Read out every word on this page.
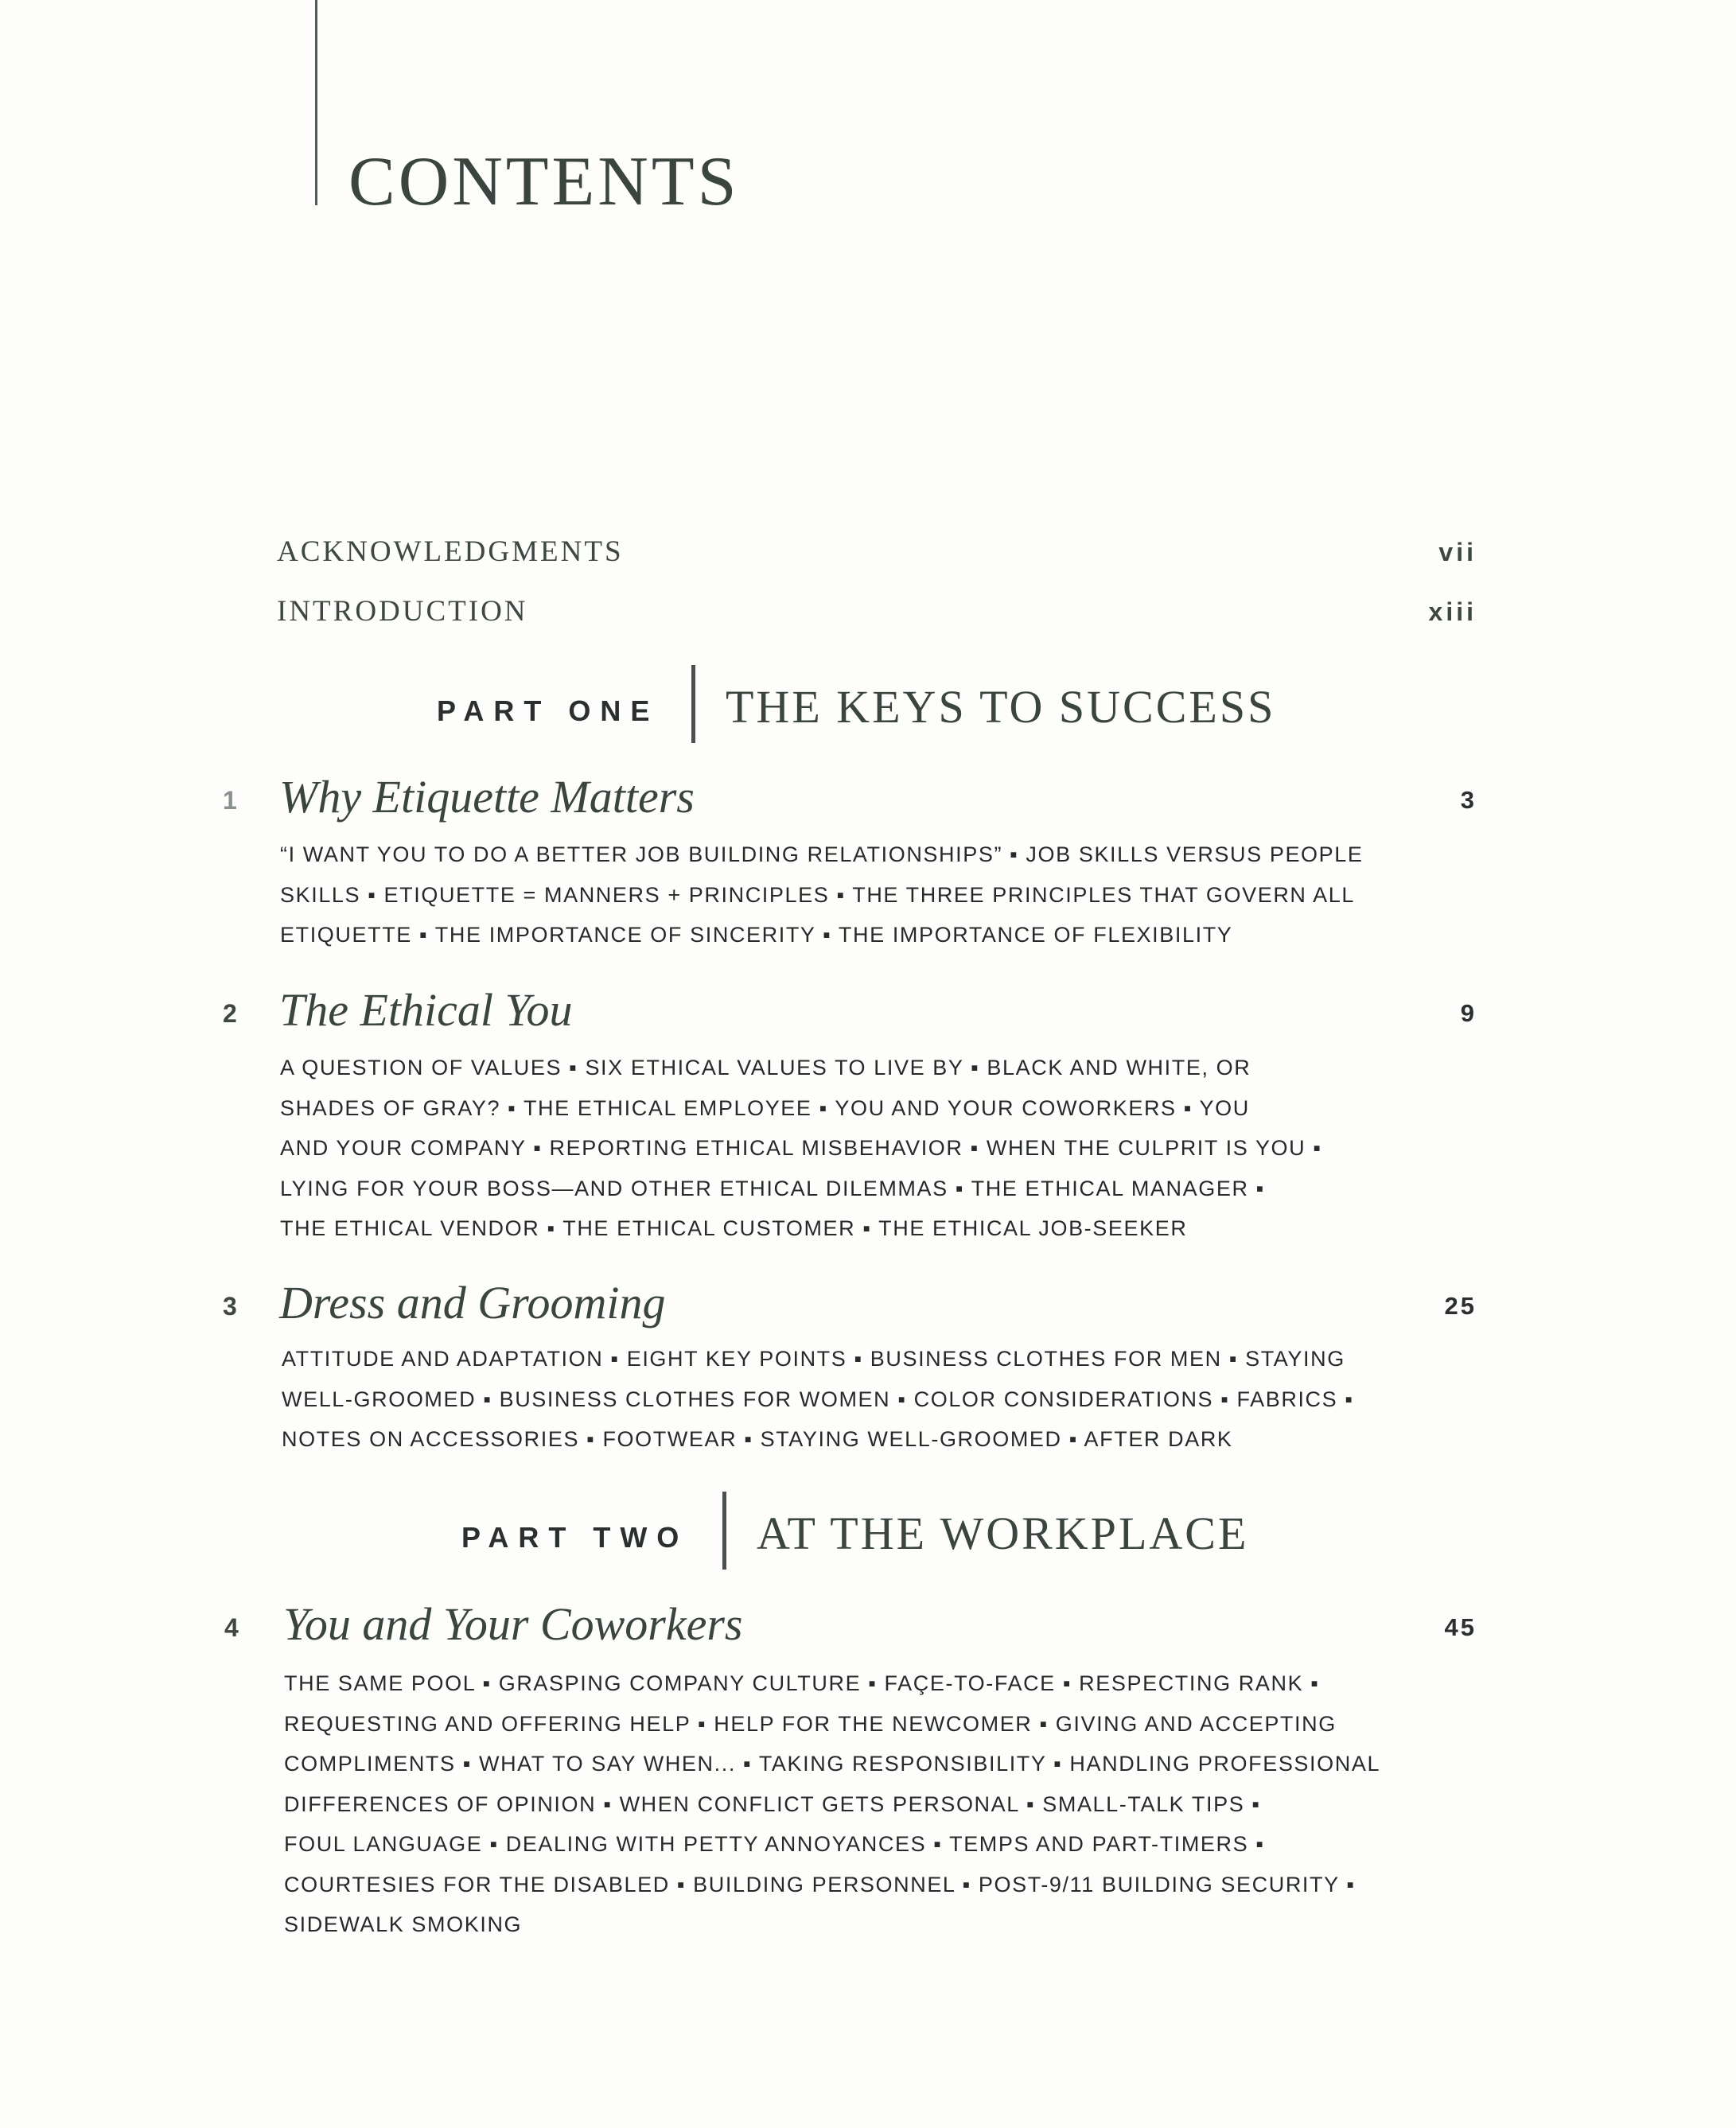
CONTENTS
ACKNOWLEDGMENTS	vii
INTRODUCTION	xiii
PART ONE THE KEYS TO SUCCESS
1 Why Etiquette Matters	3
“I WANT YOU TO DO A BETTER JOB BUILDING RELATIONSHIPS” ▪ JOB SKILLS VERSUS PEOPLE
SKILLS ▪ ETIQUETTE = MANNERS + PRINCIPLES ▪ THE THREE PRINCIPLES THAT GOVERN ALL
ETIQUETTE ▪ THE IMPORTANCE OF SINCERITY ▪ THE IMPORTANCE OF FLEXIBILITY
2 The Ethical You	9
A QUESTION OF VALUES ▪ SIX ETHICAL VALUES TO LIVE BY ▪ BLACK AND WHITE, OR
SHADES OF GRAY? ▪ THE ETHICAL EMPLOYEE ▪ YOU AND YOUR COWORKERS ▪ YOU
AND YOUR COMPANY ▪ REPORTING ETHICAL MISBEHAVIOR ▪ WHEN THE CULPRIT IS YOU ▪
LYING FOR YOUR BOSS—AND OTHER ETHICAL DILEMMAS ▪ THE ETHICAL MANAGER ▪
THE ETHICAL VENDOR ▪ THE ETHICAL CUSTOMER ▪ THE ETHICAL JOB-SEEKER
3 Dress and Grooming	25
ATTITUDE AND ADAPTATION ▪ EIGHT KEY POINTS ▪ BUSINESS CLOTHES FOR MEN ▪ STAYING
WELL-GROOMED ▪ BUSINESS CLOTHES FOR WOMEN ▪ COLOR CONSIDERATIONS ▪ FABRICS ▪
NOTES ON ACCESSORIES ▪ FOOTWEAR ▪ STAYING WELL-GROOMED ▪ AFTER DARK
PART TWO AT THE WORKPLACE
4 You and Your Coworkers	45
THE SAME POOL ▪ GRASPING COMPANY CULTURE ▪ FAÇE-TO-FACE ▪ RESPECTING RANK ▪
REQUESTING AND OFFERING HELP ▪ HELP FOR THE NEWCOMER ▪ GIVING AND ACCEPTING
COMPLIMENTS ▪ WHAT TO SAY WHEN... ▪ TAKING RESPONSIBILITY ▪ HANDLING PROFESSIONAL
DIFFERENCES OF OPINION ▪ WHEN CONFLICT GETS PERSONAL ▪ SMALL-TALK TIPS ▪
FOUL LANGUAGE ▪ DEALING WITH PETTY ANNOYANCES ▪ TEMPS AND PART-TIMERS ▪
COURTESIES FOR THE DISABLED ▪ BUILDING PERSONNEL ▪ POST-9/11 BUILDING SECURITY ▪
SIDEWALK SMOKING
